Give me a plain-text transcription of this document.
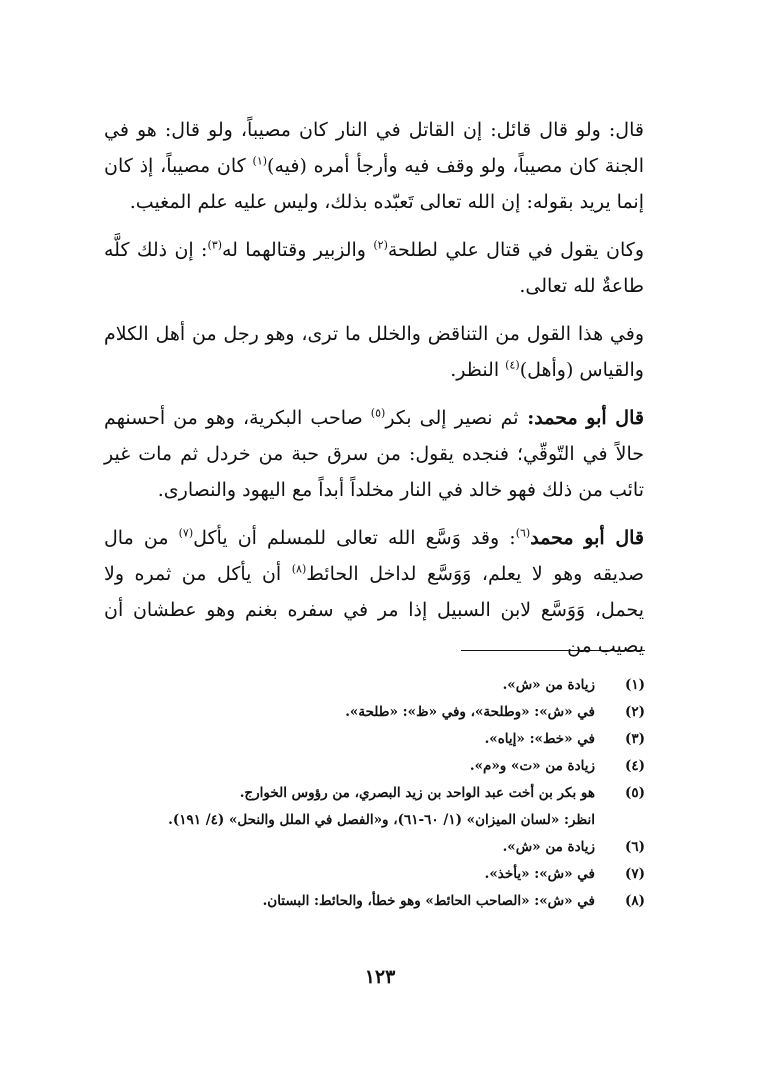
قال: ولو قال قائل: إن القاتل في النار كان مصيباً، ولو قال: هو في الجنة كان مصيباً، ولو وقف فيه وأرجأ أمره (فيه)$^{(١)}$ كان مصيباً، إذ كان إنما يريد بقوله: إن الله تعالى تَعبّده بذلك، وليس عليه علم المغيب.

وكان يقول في قتال علي لطلحة$^{(٢)}$ والزبير وقتالهما له$^{(٣)}$: إن ذلك كلَّه طاعةٌ لله تعالى.

وفي هذا القول من التناقض والخلل ما ترى، وهو رجل من أهل الكلام والقياس (وأهل)$^{(٤)}$ النظر.

قال أبو محمد: ثم نصير إلى بكر$^{(٥)}$ صاحب البكرية، وهو من أحسنهم حالاً في التّوقّي؛ فنجده يقول: من سرق حبة من خردل ثم مات غير تائب من ذلك فهو خالد في النار مخلداً أبداً مع اليهود والنصارى.

قال أبو محمد$^{(٦)}$: وقد وَسَّع الله تعالى للمسلم أن يأكل$^{(٧)}$ من مال صديقه وهو لا يعلم، وَوَسَّع لداخل الحائط$^{(٨)}$ أن يأكل من ثمره ولا يحمل، وَوَسَّع لابن السبيل إذا مر في سفره بغنم وهو عطشان أن يصيب من

(١)
زيادة من «ش».
(٢)
في «ش»: «وطلحة»، وفي «ظ»: «طلحة».
(٣)
في «خط»: «إياه».
(٤)
زيادة من «ت» و«م».
(٥)
هو بكر بن أخت عبد الواحد بن زيد البصري، من رؤوس الخوارج.
انظر: «لسان الميزان» (١/ ٦٠-٦١)، و«الفصل في الملل والنحل» (٤/ ١٩١).
(٦)
زيادة من «ش».
(٧)
في «ش»: «يأخذ».
(٨)
في «ش»: «الصاحب الحائط» وهو خطأ، والحائط: البستان.
١٢٣
